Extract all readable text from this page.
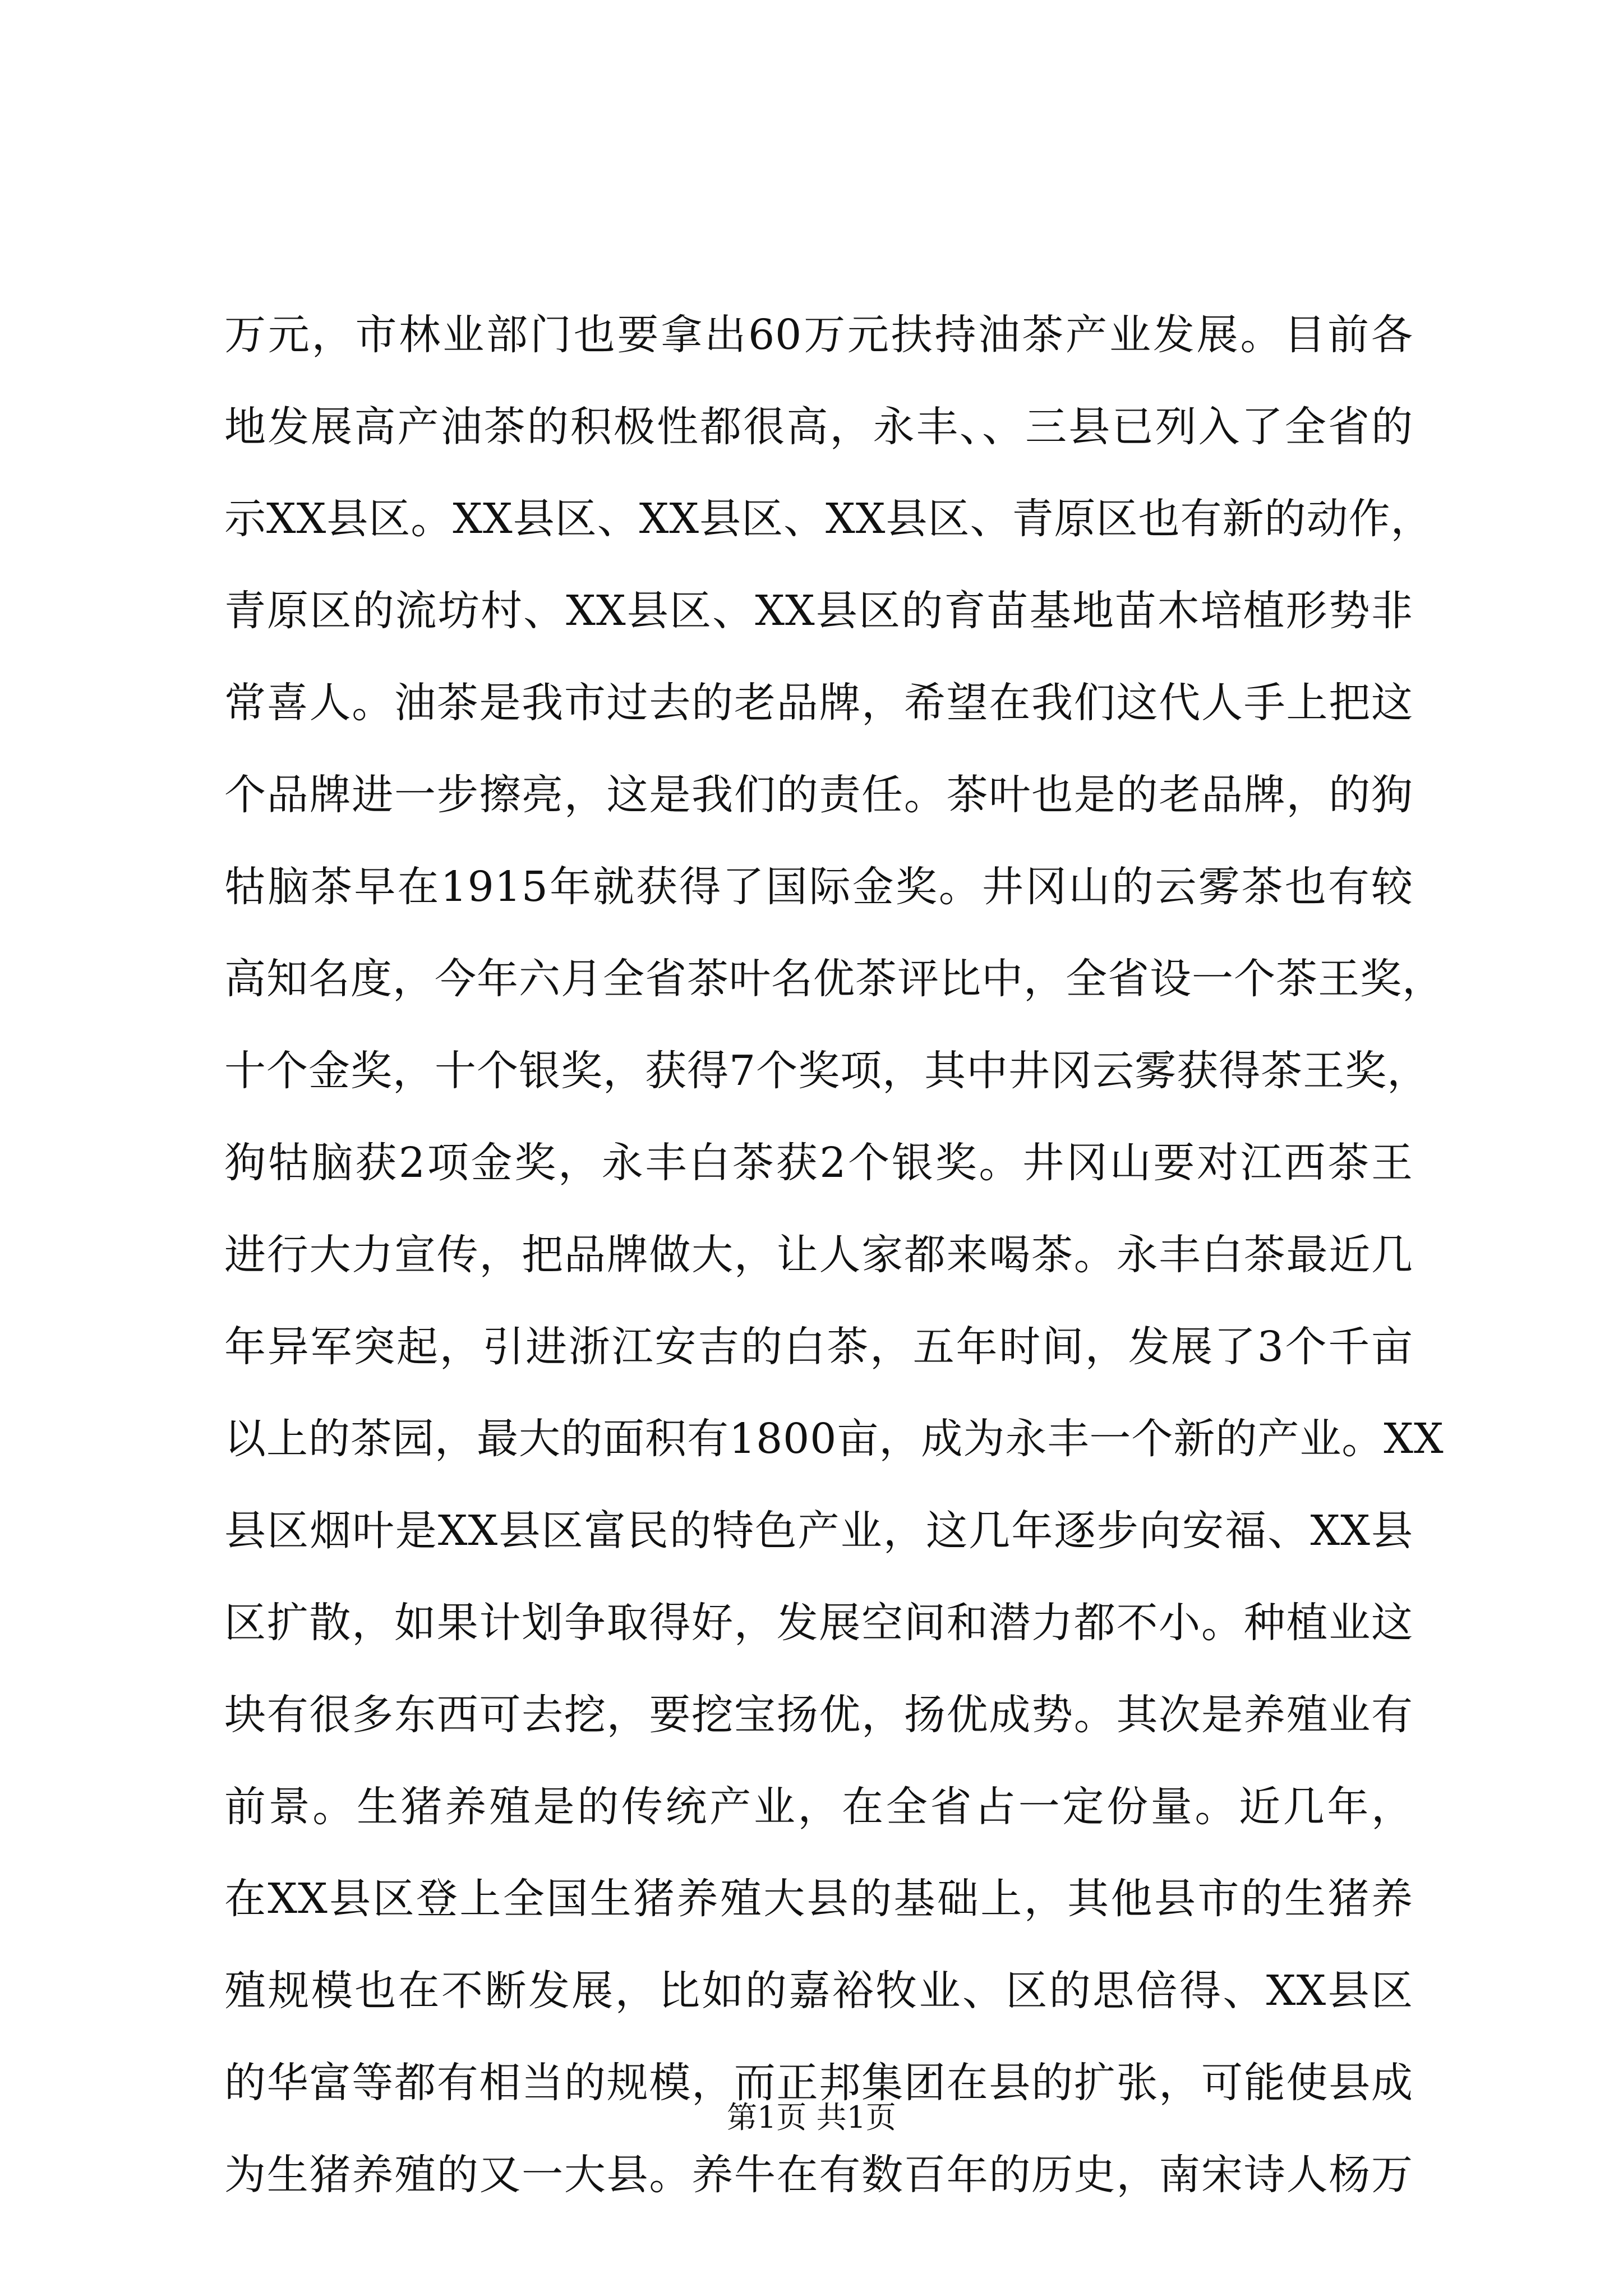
万元，市林业部门也要拿出60万元扶持油茶产业发展。目前各
地发展高产油茶的积极性都很高，永丰、、三县已列入了全省的
示XX县区。XX县区、XX县区、XX县区、青原区也有新的动作，
青原区的流坊村、XX县区、XX县区的育苗基地苗木培植形势非
常喜人。油茶是我市过去的老品牌，希望在我们这代人手上把这
个品牌进一步擦亮，这是我们的责任。茶叶也是的老品牌，的狗
牯脑茶早在1915年就获得了国际金奖。井冈山的云雾茶也有较
高知名度，今年六月全省茶叶名优茶评比中，全省设一个茶王奖，
十个金奖，十个银奖，获得7个奖项，其中井冈云雾获得茶王奖，
狗牯脑获2项金奖，永丰白茶获2个银奖。井冈山要对江西茶王
进行大力宣传，把品牌做大，让人家都来喝茶。永丰白茶最近几
年异军突起，引进浙江安吉的白茶，五年时间，发展了3个千亩
以上的茶园，最大的面积有1800亩，成为永丰一个新的产业。XX
县区烟叶是XX县区富民的特色产业，这几年逐步向安福、XX县
区扩散，如果计划争取得好，发展空间和潜力都不小。种植业这
块有很多东西可去挖，要挖宝扬优，扬优成势。其次是养殖业有
前景。生猪养殖是的传统产业，在全省占一定份量。近几年，
在XX县区登上全国生猪养殖大县的基础上，其他县市的生猪养
殖规模也在不断发展，比如的嘉裕牧业、区的思倍得、XX县区
的华富等都有相当的规模，而正邦集团在县的扩张，可能使县成
为生猪养殖的又一大县。养牛在有数百年的历史，南宋诗人杨万
第1页 共1页
